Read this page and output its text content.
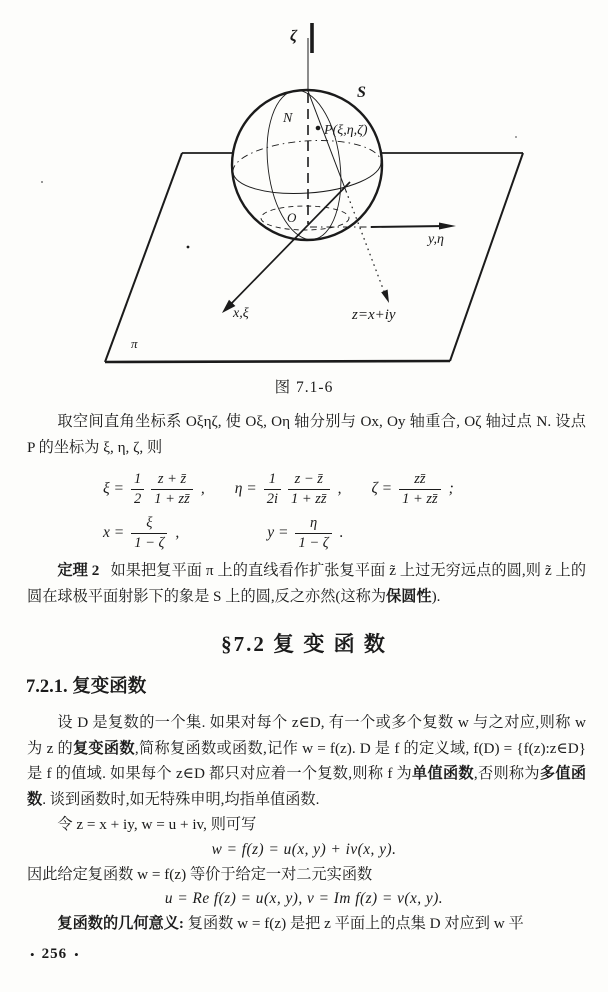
ζ
S
N
P(ξ,η,ζ)
O
y,η
x,ξ	z=x+iy
π
图 7.1-6

取空间直角坐标系 Oξηζ, 使 Oξ, Oη 轴分别与 Ox, Oy 轴重合, Oζ 轴过点 N. 设点 P 的坐标为 ξ, η, ζ, 则

$\xi = \frac{1}{2} \frac{z + z̄}{1 + zz̄}$ , $\eta = \frac{1}{2i} \frac{z - z̄}{1 + zz̄}$ , $\zeta = \frac{zz̄}{1 + zz̄}$ ;
$x = \frac{\xi}{1 - \zeta}$ ,	$y = \frac{\eta}{1 - \zeta}$ .

定理 2 如果把复平面 π 上的直线看作扩张复平面 z̃ 上过无穷远点的圆,则 z̃ 上的圆在球极平面射影下的象是 S 上的圆,反之亦然(这称为保圆性).

§7.2 复 变 函 数
7.2.1. 复变函数

设 D 是复数的一个集. 如果对每个 z∈D, 有一个或多个复数 w 与之对应,则称 w 为 z 的复变函数,简称复函数或函数,记作 w = f(z). D 是 f 的定义域, f(D) = {f(z):z∈D} 是 f 的值域. 如果每个 z∈D 都只对应着一个复数,则称 f 为单值函数,否则称为多值函数. 谈到函数时,如无特殊申明,均指单值函数.

令 z = x + iy, w = u + iv, 则可写

w = f(z) = u(x, y) + iv(x, y).

因此给定复函数 w = f(z) 等价于给定一对二元实函数

u = Re f(z) = u(x, y), v = Im f(z) = v(x, y).

复函数的几何意义: 复函数 w = f(z) 是把 z 平面上的点集 D 对应到 w 平

• 256 •
